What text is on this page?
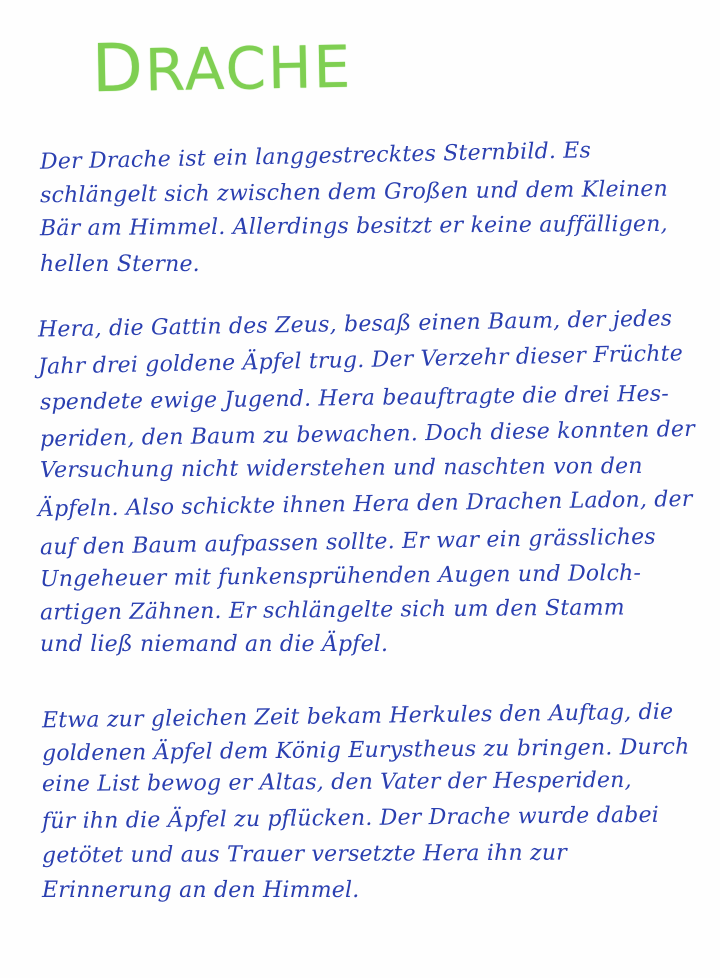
DRACHE
Der Drache ist ein langgestrecktes Sternbild. Es
schlängelt sich zwischen dem Großen und dem Kleinen
Bär am Himmel. Allerdings besitzt er keine auffälligen,
hellen Sterne.
Hera, die Gattin des Zeus, besaß einen Baum, der jedes
Jahr drei goldene Äpfel trug. Der Verzehr dieser Früchte
spendete ewige Jugend. Hera beauftragte die drei Hes-
periden, den Baum zu bewachen. Doch diese konnten der
Versuchung nicht widerstehen und naschten von den
Äpfeln. Also schickte ihnen Hera den Drachen Ladon, der
auf den Baum aufpassen sollte. Er war ein grässliches
Ungeheuer mit funkensprühenden Augen und Dolch-
artigen Zähnen. Er schlängelte sich um den Stamm
und ließ niemand an die Äpfel.
Etwa zur gleichen Zeit bekam Herkules den Auftag, die
goldenen Äpfel dem König Eurystheus zu bringen. Durch
eine List bewog er Altas, den Vater der Hesperiden,
für ihn die Äpfel zu pflücken. Der Drache wurde dabei
getötet und aus Trauer versetzte Hera ihn zur
Erinnerung an den Himmel.
